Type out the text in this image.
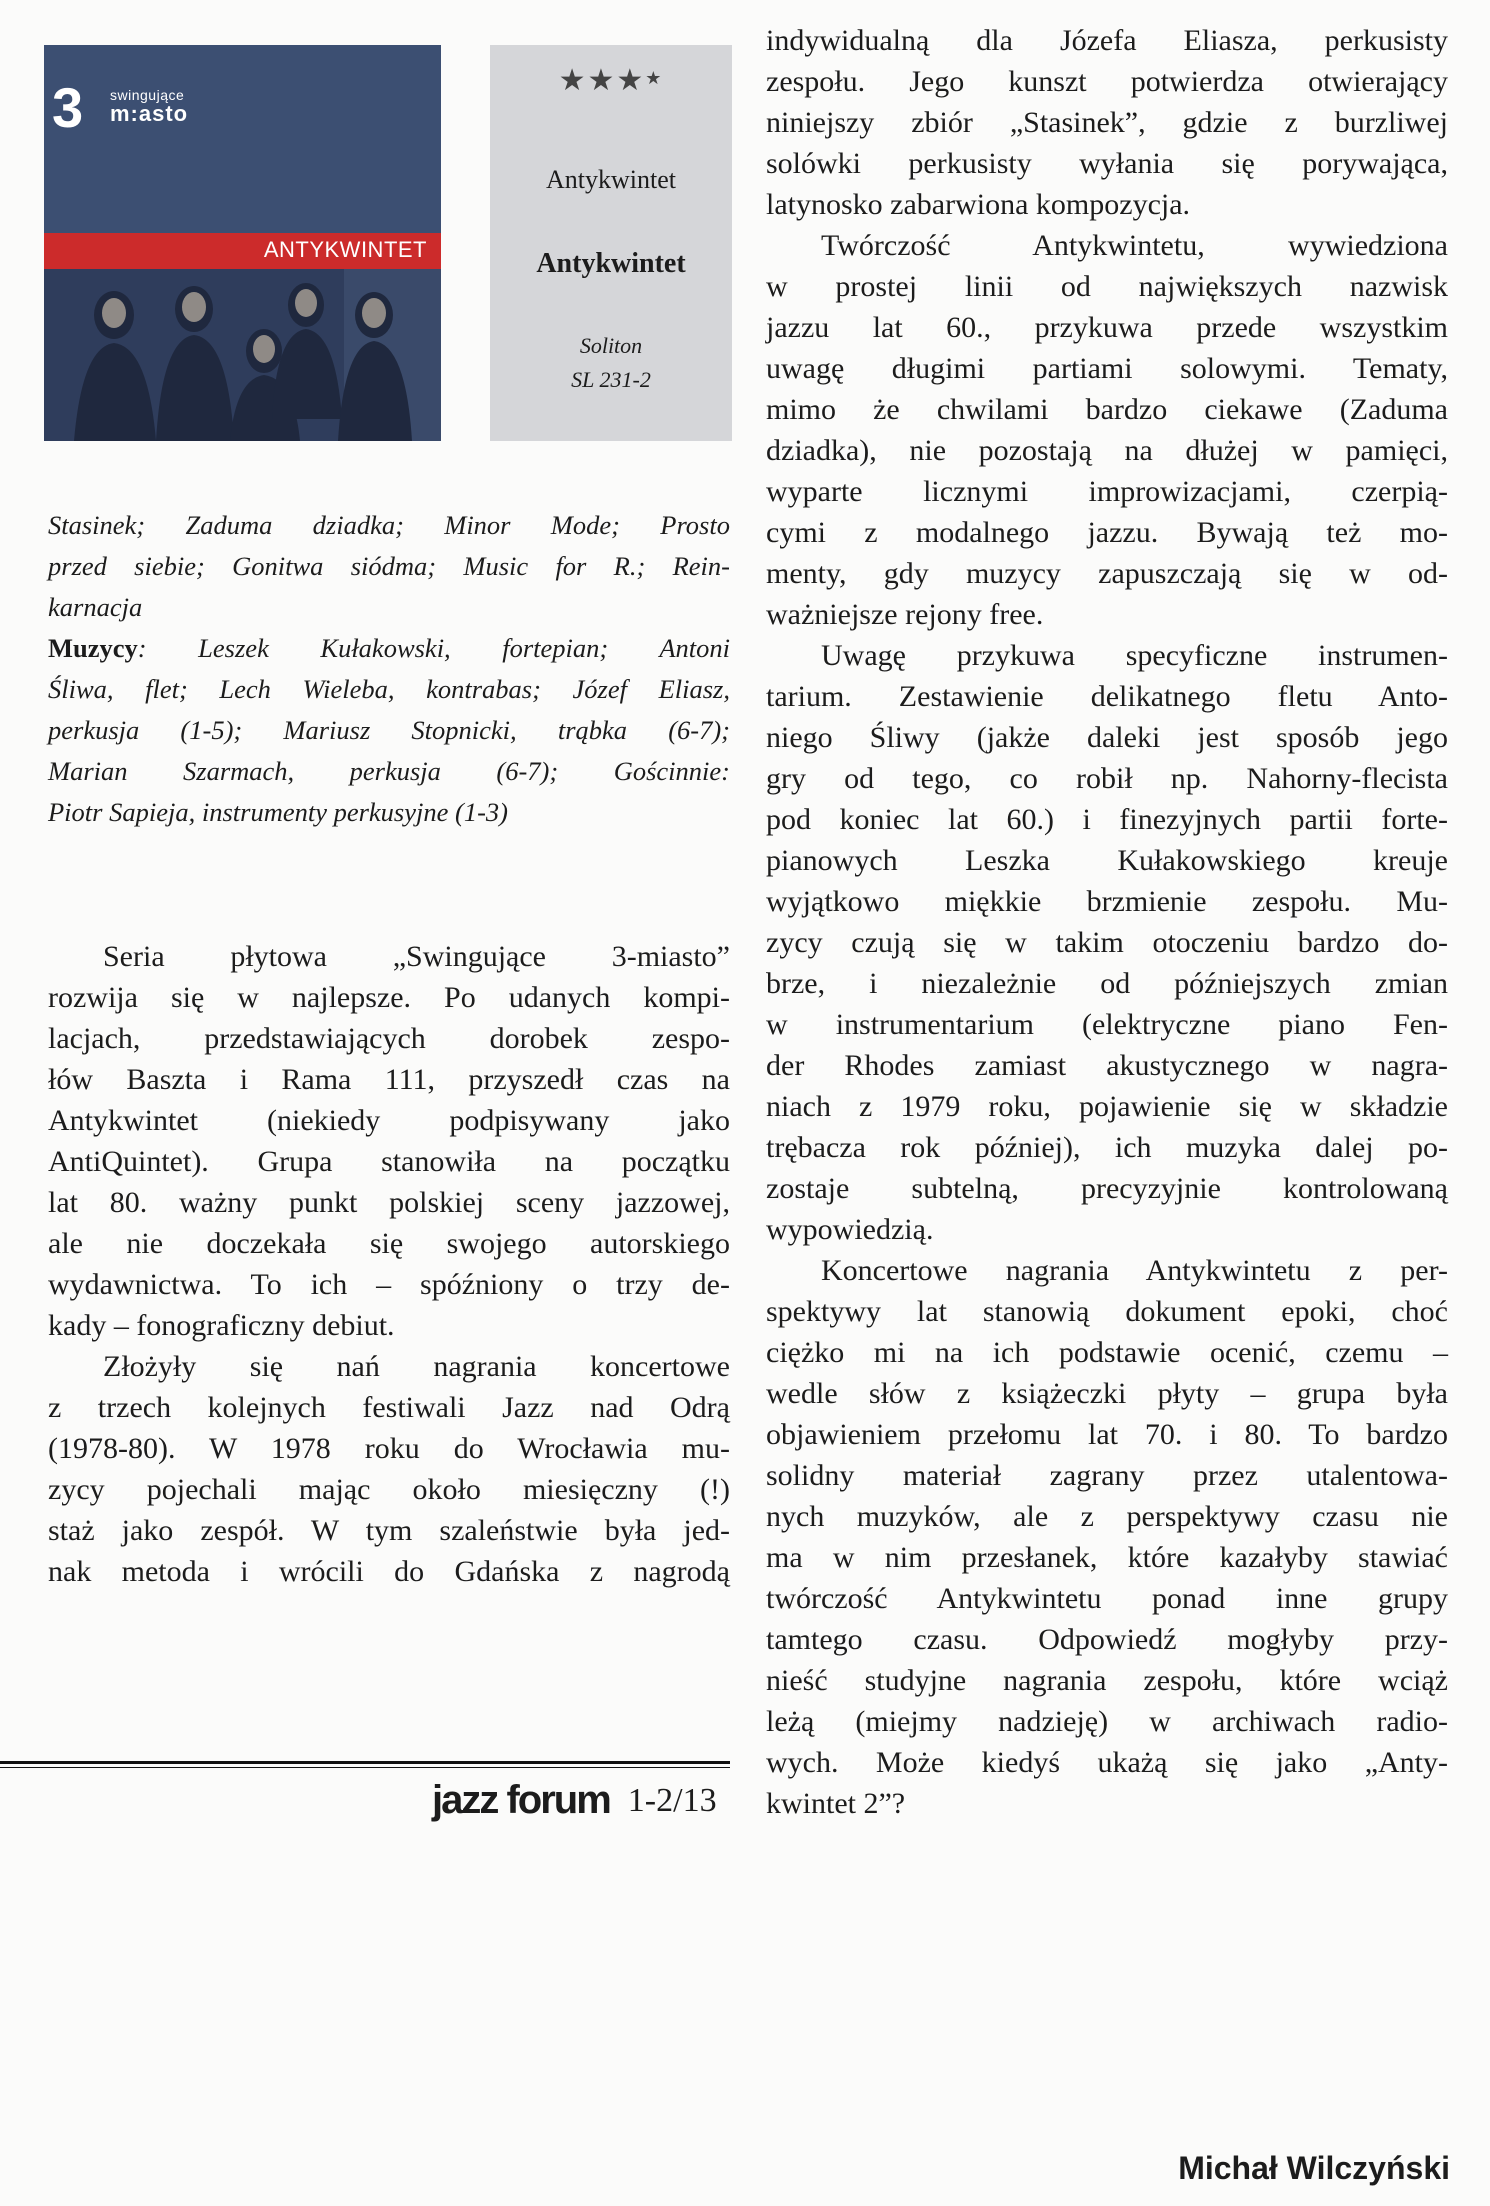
3 swingujące
m:asto
ANTYKWINTET
★★★★
Antykwintet
Antykwintet
Soliton
SL 231-2
Stasinek; Zaduma dziadka; Minor Mode; Prosto
przed siebie; Gonitwa siódma; Music for R.; Rein-
karnacja
Muzycy: Leszek Kułakowski, fortepian; Antoni
Śliwa, flet; Lech Wieleba, kontrabas; Józef Eliasz,
perkusja (1-5); Mariusz Stopnicki, trąbka (6-7);
Marian Szarmach, perkusja (6-7); Gościnnie:
Piotr Sapieja, instrumenty perkusyjne (1-3)
Seria płytowa „Swingujące 3-miasto”
rozwija się w najlepsze. Po udanych kompi-
lacjach, przedstawiających dorobek zespo-
łów Baszta i Rama 111, przyszedł czas na
Antykwintet (niekiedy podpisywany jako
AntiQuintet). Grupa stanowiła na początku
lat 80. ważny punkt polskiej sceny jazzowej,
ale nie doczekała się swojego autorskiego
wydawnictwa. To ich – spóźniony o trzy de-
kady – fonograficzny debiut.
Złożyły się nań nagrania koncertowe
z trzech kolejnych festiwali Jazz nad Odrą
(1978-80). W 1978 roku do Wrocławia mu-
zycy pojechali mając około miesięczny (!)
staż jako zespół. W tym szaleństwie była jed-
nak metoda i wrócili do Gdańska z nagrodą
jazz forum 1-2/13
indywidualną dla Józefa Eliasza, perkusisty
zespołu. Jego kunszt potwierdza otwierający
niniejszy zbiór „Stasinek”, gdzie z burzliwej
solówki perkusisty wyłania się porywająca,
latynosko zabarwiona kompozycja.
Twórczość Antykwintetu, wywiedziona
w prostej linii od największych nazwisk
jazzu lat 60., przykuwa przede wszystkim
uwagę długimi partiami solowymi. Tematy,
mimo że chwilami bardzo ciekawe (Zaduma
dziadka), nie pozostają na dłużej w pamięci,
wyparte licznymi improwizacjami, czerpią-
cymi z modalnego jazzu. Bywają też mo-
menty, gdy muzycy zapuszczają się w od-
ważniejsze rejony free.
Uwagę przykuwa specyficzne instrumen-
tarium. Zestawienie delikatnego fletu Anto-
niego Śliwy (jakże daleki jest sposób jego
gry od tego, co robił np. Nahorny-flecista
pod koniec lat 60.) i finezyjnych partii forte-
pianowych Leszka Kułakowskiego kreuje
wyjątkowo miękkie brzmienie zespołu. Mu-
zycy czują się w takim otoczeniu bardzo do-
brze, i niezależnie od późniejszych zmian
w instrumentarium (elektryczne piano Fen-
der Rhodes zamiast akustycznego w nagra-
niach z 1979 roku, pojawienie się w składzie
trębacza rok później), ich muzyka dalej po-
zostaje subtelną, precyzyjnie kontrolowaną
wypowiedzią.
Koncertowe nagrania Antykwintetu z per-
spektywy lat stanowią dokument epoki, choć
ciężko mi na ich podstawie ocenić, czemu –
wedle słów z książeczki płyty – grupa była
objawieniem przełomu lat 70. i 80. To bardzo
solidny materiał zagrany przez utalentowa-
nych muzyków, ale z perspektywy czasu nie
ma w nim przesłanek, które kazałyby stawiać
twórczość Antykwintetu ponad inne grupy
tamtego czasu. Odpowiedź mogłyby przy-
nieść studyjne nagrania zespołu, które wciąż
leżą (miejmy nadzieję) w archiwach radio-
wych. Może kiedyś ukażą się jako „Anty-
kwintet 2”?
Michał Wilczyński
